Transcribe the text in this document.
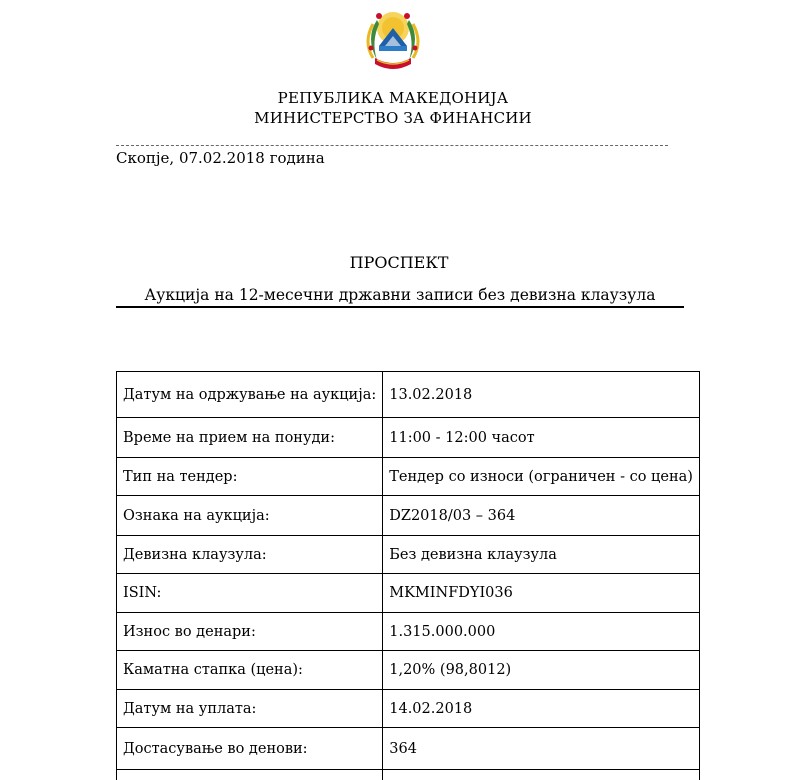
РЕПУБЛИКА МАКЕДОНИЈА
МИНИСТЕРСТВО ЗА ФИНАНСИИ
Скопје, 07.02.2018 година
ПРОСПЕКТ
Аукција на 12-месечни државни записи без девизна клаузула
Датум на одржување на аукција:	13.02.2018
Време на прием на понуди:	11:00 - 12:00 часот
Тип на тендер:	Тендер со износи (ограничен - со цена)
Ознака на аукција:	DZ2018/03 – 364
Девизна клаузула:	Без девизна клаузула
ISIN:	MKMINFDYI036
Износ во денари:	1.315.000.000
Каматна стапка (цена):	1,20% (98,8012)
Датум на уплата:	14.02.2018
Достасување во денови:	364
